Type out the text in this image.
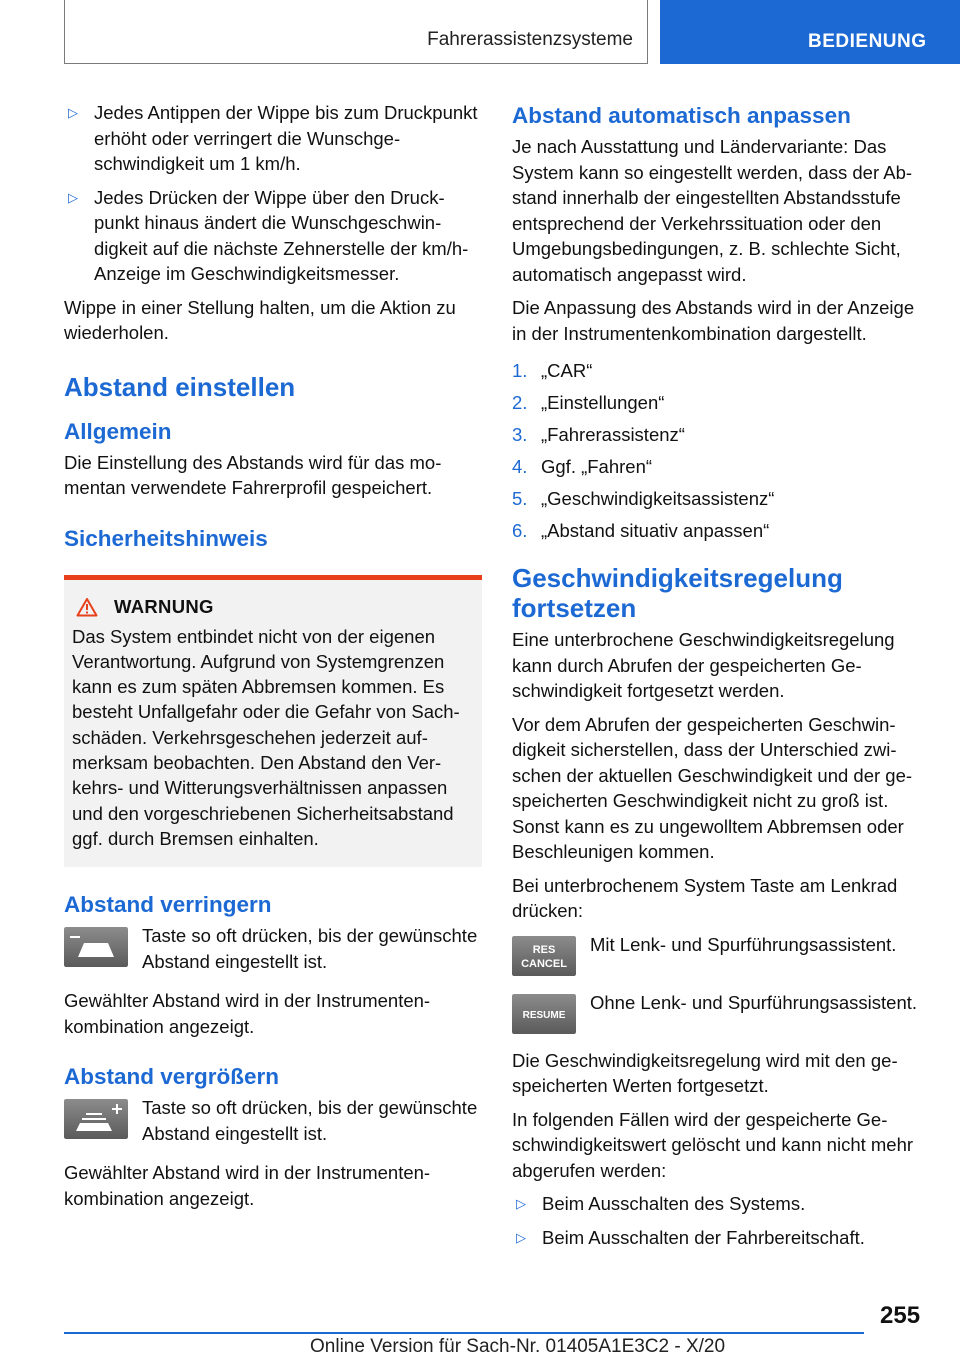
Fahrerassistenzsysteme	BEDIENUNG
▷ Jedes Antippen der Wippe bis zum Druckpunkt erhöht oder verringert die Wunschgeschwindigkeit um 1 km/h.
▷ Jedes Drücken der Wippe über den Druckpunkt hinaus ändert die Wunschgeschwindigkeit auf die nächste Zehnerstelle der km/h-Anzeige im Geschwindigkeitsmesser.

Wippe in einer Stellung halten, um die Aktion zu wiederholen.

Abstand einstellen
Allgemein

Die Einstellung des Abstands wird für das momentan verwendete Fahrerprofil gespeichert.

Sicherheitshinweis
WARNUNG

Das System entbindet nicht von der eigenen Verantwortung. Aufgrund von Systemgrenzen kann es zum späten Abbremsen kommen. Es besteht Unfallgefahr oder die Gefahr von Sachschäden. Verkehrsgeschehen jederzeit aufmerksam beobachten. Den Abstand den Verkehrs- und Witterungsverhältnissen anpassen und den vorgeschriebenen Sicherheitsabstand ggf. durch Bremsen einhalten.

Abstand verringern
Taste so oft drücken, bis der gewünschte Abstand eingestellt ist.

Gewählter Abstand wird in der Instrumentenkombination angezeigt.

Abstand vergrößern
Taste so oft drücken, bis der gewünschte Abstand eingestellt ist.

Gewählter Abstand wird in der Instrumentenkombination angezeigt.

Abstand automatisch anpassen

Je nach Ausstattung und Ländervariante: Das System kann so eingestellt werden, dass der Abstand innerhalb der eingestellten Abstandsstufe entsprechend der Verkehrssituation oder den Umgebungsbedingungen, z. B. schlechte Sicht, automatisch angepasst wird.

Die Anpassung des Abstands wird in der Anzeige in der Instrumentenkombination dargestellt.

1. „CAR“
2. „Einstellungen“
3. „Fahrerassistenz“
4. Ggf. „Fahren“
5. „Geschwindigkeitsassistenz“
6. „Abstand situativ anpassen“
Geschwindigkeitsregelung fortsetzen

Eine unterbrochene Geschwindigkeitsregelung kann durch Abrufen der gespeicherten Geschwindigkeit fortgesetzt werden.

Vor dem Abrufen der gespeicherten Geschwindigkeit sicherstellen, dass der Unterschied zwischen der aktuellen Geschwindigkeit und der gespeicherten Geschwindigkeit nicht zu groß ist. Sonst kann es zu ungewolltem Abbremsen oder Beschleunigen kommen.

Bei unterbrochenem System Taste am Lenkrad drücken:

RES
CANCEL
Mit Lenk- und Spurführungsassistent.
RESUME
Ohne Lenk- und Spurführungsassistent.

Die Geschwindigkeitsregelung wird mit den gespeicherten Werten fortgesetzt.

In folgenden Fällen wird der gespeicherte Geschwindigkeitswert gelöscht und kann nicht mehr abgerufen werden:

▷ Beim Ausschalten des Systems.
▷ Beim Ausschalten der Fahrbereitschaft.
255
Online Version für Sach-Nr. 01405A1E3C2 - X/20
